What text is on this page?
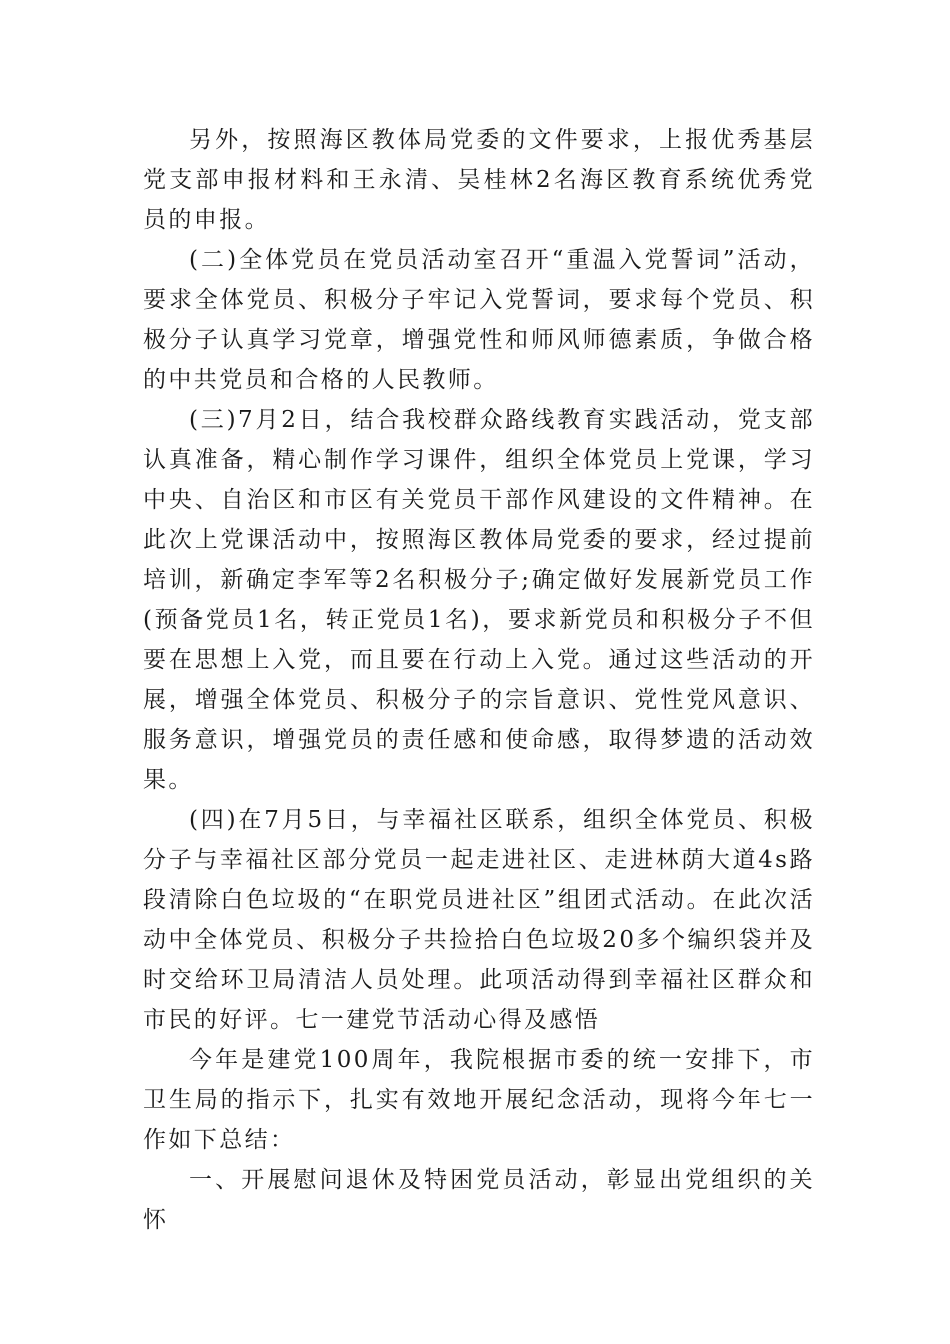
另外，按照海区教体局党委的文件要求，上报优秀基层党支部申报材料和王永清、吴桂林2名海区教育系统优秀党员的申报。

(二)全体党员在党员活动室召开“重温入党誓词”活动，要求全体党员、积极分子牢记入党誓词，要求每个党员、积极分子认真学习党章，增强党性和师风师德素质，争做合格的中共党员和合格的人民教师。

(三)7月2日，结合我校群众路线教育实践活动，党支部认真准备，精心制作学习课件，组织全体党员上党课，学习中央、自治区和市区有关党员干部作风建设的文件精神。在此次上党课活动中，按照海区教体局党委的要求，经过提前培训，新确定李军等2名积极分子;确定做好发展新党员工作(预备党员1名，转正党员1名)，要求新党员和积极分子不但要在思想上入党，而且要在行动上入党。通过这些活动的开展，增强全体党员、积极分子的宗旨意识、党性党风意识、服务意识，增强党员的责任感和使命感，取得梦遗的活动效果。

(四)在7月5日，与幸福社区联系，组织全体党员、积极分子与幸福社区部分党员一起走进社区、走进林荫大道4s路段清除白色垃圾的“在职党员进社区”组团式活动。在此次活动中全体党员、积极分子共捡拾白色垃圾20多个编织袋并及时交给环卫局清洁人员处理。此项活动得到幸福社区群众和市民的好评。七一建党节活动心得及感悟

今年是建党100周年，我院根据市委的统一安排下，市卫生局的指示下，扎实有效地开展纪念活动，现将今年七一作如下总结：

一、开展慰问退休及特困党员活动，彰显出党组织的关怀
